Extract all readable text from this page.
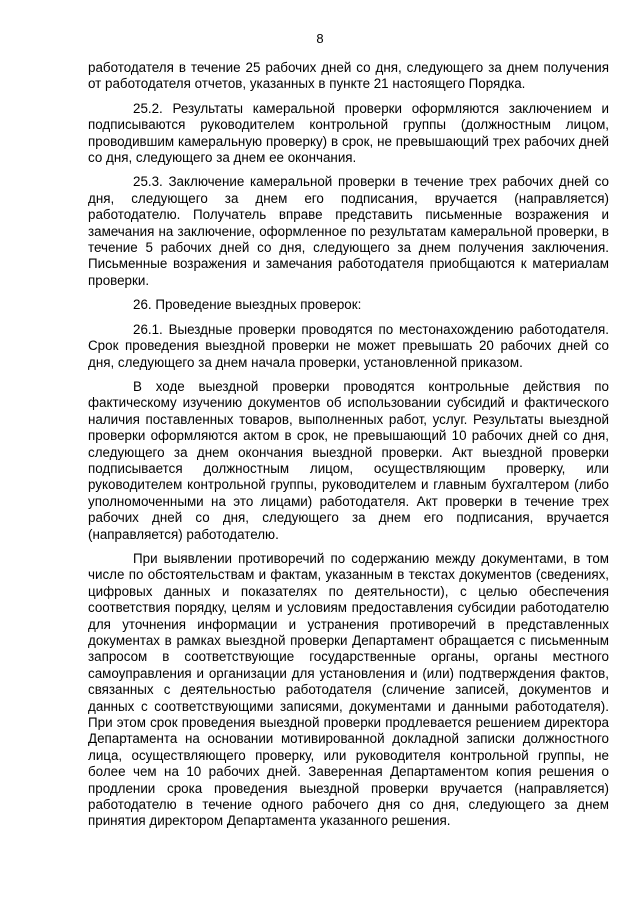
8

работодателя в течение 25 рабочих дней со дня, следующего за днем получения от работодателя отчетов, указанных в пункте 21 настоящего Порядка.

25.2. Результаты камеральной проверки оформляются заключением и подписываются руководителем контрольной группы (должностным лицом, проводившим камеральную проверку) в срок, не превышающий трех рабочих дней со дня, следующего за днем ее окончания.

25.3. Заключение камеральной проверки в течение трех рабочих дней со дня, следующего за днем его подписания, вручается (направляется) работодателю. Получатель вправе представить письменные возражения и замечания на заключение, оформленное по результатам камеральной проверки, в течение 5 рабочих дней со дня, следующего за днем получения заключения. Письменные возражения и замечания работодателя приобщаются к материалам проверки.

26. Проведение выездных проверок:

26.1. Выездные проверки проводятся по местонахождению работодателя. Срок проведения выездной проверки не может превышать 20 рабочих дней со дня, следующего за днем начала проверки, установленной приказом.

В ходе выездной проверки проводятся контрольные действия по фактическому изучению документов об использовании субсидий и фактического наличия поставленных товаров, выполненных работ, услуг. Результаты выездной проверки оформляются актом в срок, не превышающий 10 рабочих дней со дня, следующего за днем окончания выездной проверки. Акт выездной проверки подписывается должностным лицом, осуществляющим проверку, или руководителем контрольной группы, руководителем и главным бухгалтером (либо уполномоченными на это лицами) работодателя. Акт проверки в течение трех рабочих дней со дня, следующего за днем его подписания, вручается (направляется) работодателю.

При выявлении противоречий по содержанию между документами, в том числе по обстоятельствам и фактам, указанным в текстах документов (сведениях, цифровых данных и показателях по деятельности), с целью обеспечения соответствия порядку, целям и условиям предоставления субсидии работодателю для уточнения информации и устранения противоречий в представленных документах в рамках выездной проверки Департамент обращается с письменным запросом в соответствующие государственные органы, органы местного самоуправления и организации для установления и (или) подтверждения фактов, связанных с деятельностью работодателя (сличение записей, документов и данных с соответствующими записями, документами и данными работодателя). При этом срок проведения выездной проверки продлевается решением директора Департамента на основании мотивированной докладной записки должностного лица, осуществляющего проверку, или руководителя контрольной группы, не более чем на 10 рабочих дней. Заверенная Департаментом копия решения о продлении срока проведения выездной проверки вручается (направляется) работодателю в течение одного рабочего дня со дня, следующего за днем принятия директором Департамента указанного решения.
